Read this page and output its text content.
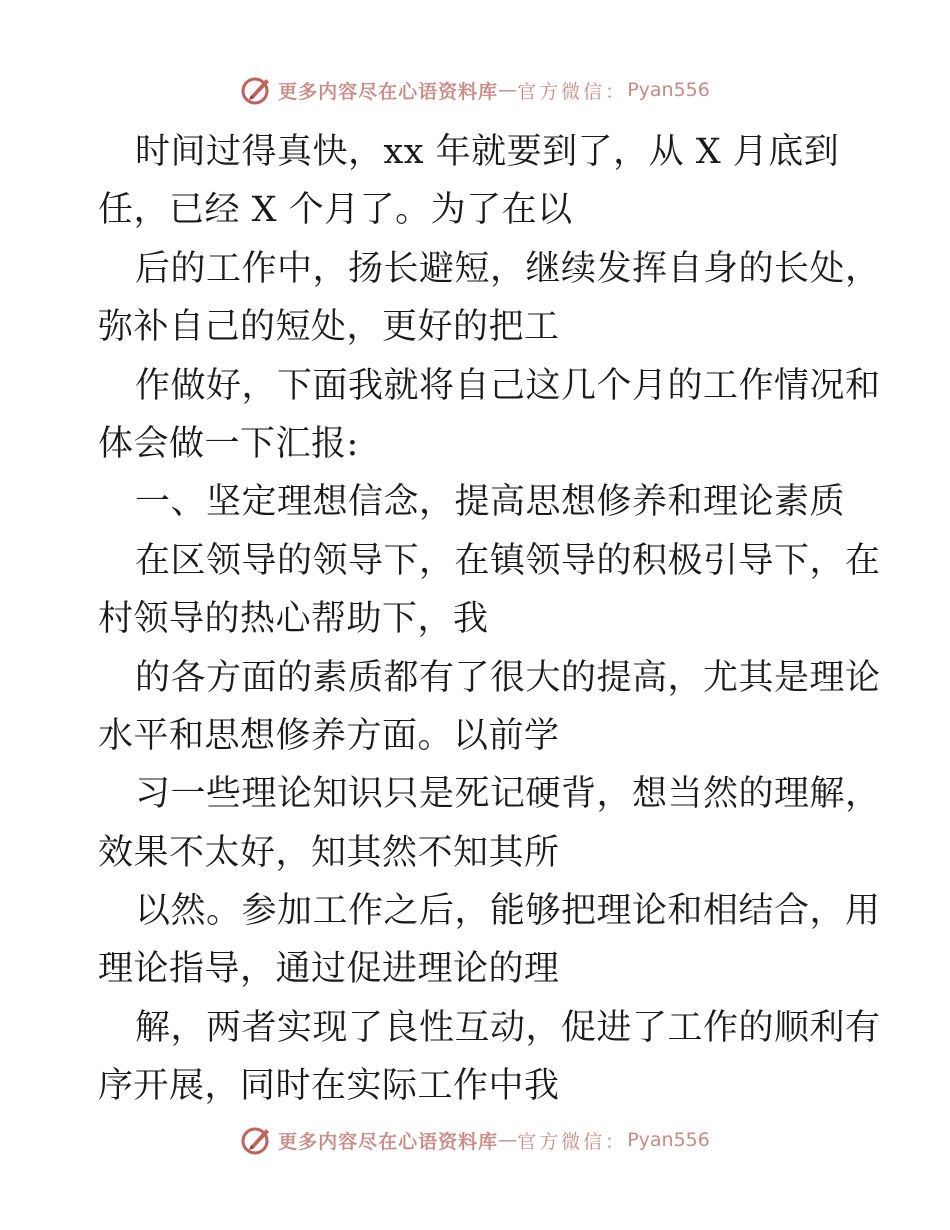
更多内容尽在心语资料库 — 官方微信： Pyan556
时间过得真快，xx 年就要到了，从 X 月底到
任，已经 X 个月了。为了在以
后的工作中，扬长避短，继续发挥自身的长处，
弥补自己的短处，更好的把工
作做好，下面我就将自己这几个月的工作情况和
体会做一下汇报:
一、坚定理想信念，提高思想修养和理论素质
在区领导的领导下，在镇领导的积极引导下，在
村领导的热心帮助下，我
的各方面的素质都有了很大的提高，尤其是理论
水平和思想修养方面。以前学
习一些理论知识只是死记硬背，想当然的理解，
效果不太好，知其然不知其所
以然。参加工作之后，能够把理论和相结合，用
理论指导，通过促进理论的理
解，两者实现了良性互动，促进了工作的顺利有
序开展，同时在实际工作中我
更多内容尽在心语资料库 — 官方微信： Pyan556
